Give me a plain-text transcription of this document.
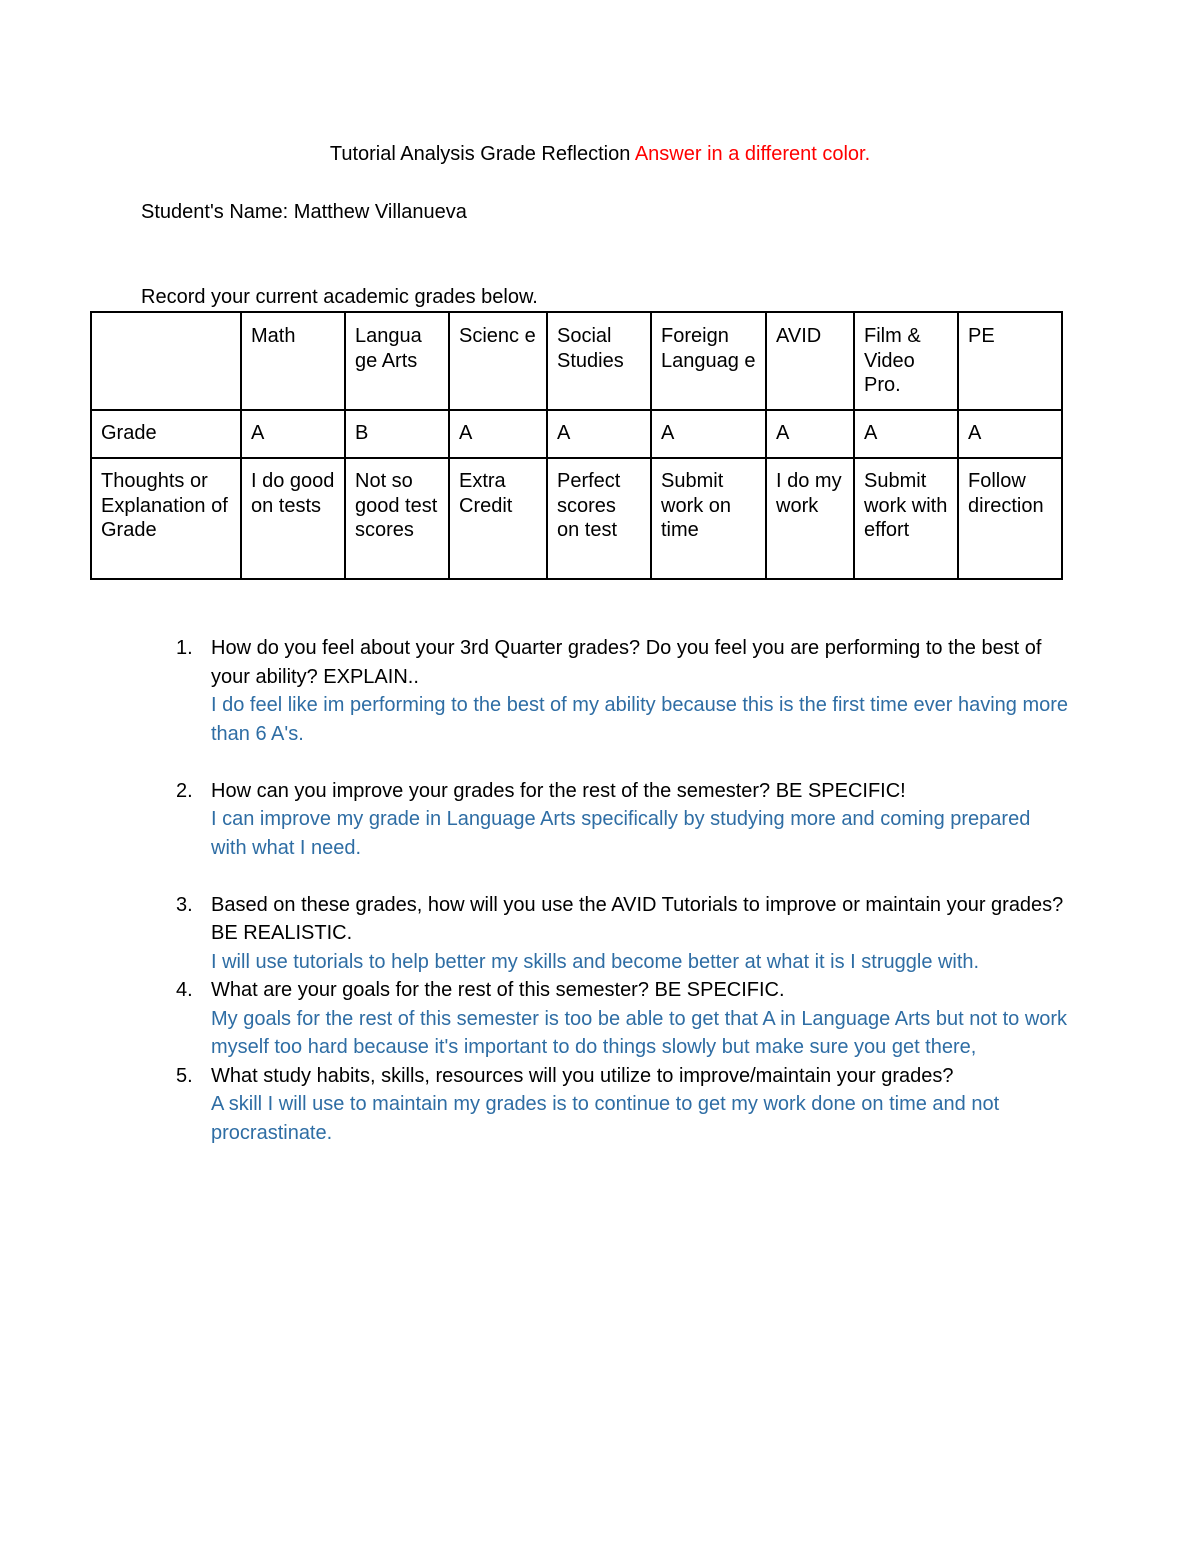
Tutorial Analysis Grade Reflection Answer in a different color.
Student's Name: Matthew Villanueva
Record your current academic grades below.
	Math	Langua ge Arts	Scienc e	Social Studies	Foreign Languag e	AVID	Film & Video Pro.	PE
Grade	A	B	A	A	A	A	A	A
Thoughts or Explanation of Grade	I do good on tests	Not so good test scores	Extra Credit	Perfect scores on test	Submit work on time	I do my work	Submit work with effort	Follow direction
1. How do you feel about your 3rd Quarter grades? Do you feel you are performing to the best of your ability? EXPLAIN..
I do feel like im performing to the best of my ability because this is the first time ever having more than 6 A's.
2. How can you improve your grades for the rest of the semester? BE SPECIFIC!
I can improve my grade in Language Arts specifically by studying more and coming prepared with what I need.
3. Based on these grades, how will you use the AVID Tutorials to improve or maintain your grades? BE REALISTIC.
I will use tutorials to help better my skills and become better at what it is I struggle with.
4. What are your goals for the rest of this semester? BE SPECIFIC.
My goals for the rest of this semester is too be able to get that A in Language Arts but not to work myself too hard because it's important to do things slowly but make sure you get there,
5. What study habits, skills, resources will you utilize to improve/maintain your grades?
A skill I will use to maintain my grades is to continue to get my work done on time and not procrastinate.
